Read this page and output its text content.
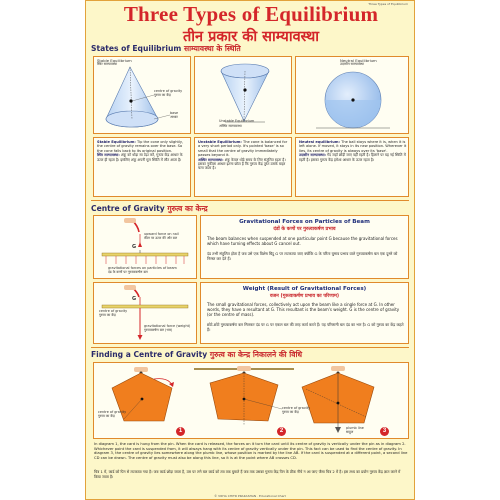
Three Types of Equilibrium
Three Types of Equilibrium
तीन प्रकार की साम्यावस्था
States of Equilibrium साम्यावस्था के स्थिति
Stable Equilibrium
स्थिर साम्यावस्था
centre of gravity
गुरुत्व का केंद्र
base
आधार
Unstable Equilibrium
अस्थिर साम्यावस्था
Neutral Equilibrium
उदासीन साम्यावस्था
Stable Equilibrium: Tip the cone only slightly, the centre of gravity remains over the base. So the cone falls back to its original position.
स्थिर साम्यावस्था: शंकु को थोड़ा सा टेढ़ा करें, गुरुत्व केंद्र आधार के ऊपर ही रहता है। इसलिए शंकु अपनी मूल स्थिति में लौट आता है।
Unstable Equilibrium: The cone is balanced for a very short period only. It's pointed 'base' is so small that the centre of gravity immediately passes beyond it.
अस्थिर साम्यावस्था: शंकु केवल थोड़े समय के लिए संतुलित रहता है। इसका नुकीला आधार इतना छोटा है कि गुरुत्व केंद्र तुरंत उसके बाहर चला जाता है।
Neutral equilibrium: The ball stays where it is, when it is left alone. If moved, it stays in its new position. Wherever it lies, its centre of gravity is always over its 'base'.
उदासीन साम्यावस्था: गेंद जहाँ छोड़ी जाए वहीं रहती है। हिलाने पर यह नई स्थिति में रहती है। इसका गुरुत्व केंद्र हमेशा आधार के ऊपर रहता है।
Centre of Gravity गुरुत्व का केन्द्र
upward force on nail
कील पर ऊपर की ओर बल
G
gravitational forces on particles of beam
दंड के कणों पर गुरुत्वाकर्षण बल
Gravitational Forces on Particles of Beam
दंडों के कणों पर गुरुत्वाकर्षण प्रभाव
The beam balances when suspended at one particular point G because the gravitational forces which have turning effects about G cancel out.
दंड तभी संतुलित होता है जब उसे एक विशेष बिंदु G पर लटकाया जाए क्योंकि G के परितः घुमाव प्रभाव वाले गुरुत्वाकर्षण बल एक दूसरे को निरस्त कर देते हैं।
centre of gravity
गुरुत्व का केंद्र
G
gravitational force (weight)
गुरुत्वाकर्षण बल (भार)
Weight (Result of Gravitational Forces)
वजन (गुरुत्वाकर्षण प्रभाव का परिणाम)
The small gravitational forces, collectively act upon the beam like a single force at G. In other words, they have a resultant at G. This resultant is the beam's weight. G is the centre of gravity (or the centre of mass).
छोटे-छोटे गुरुत्वाकर्षण बल मिलकर दंड पर G पर एकल बल की तरह कार्य करते हैं। यह परिणामी बल दंड का भार है। G को गुरुत्व का केंद्र कहते हैं।
Finding a Centre of Gravity गुरुत्व का केन्द्र निकालने की विधि
centre of gravity
गुरुत्व का केंद्र
centre of gravity
गुरुत्व का केंद्र
plumb line
साहुल
1	2	3
In diagram 1, the card is hung from the pin. When the card is released, the forces on it turn the card until its centre of gravity is vertically under the pin as in diagram 2. Whichever point the card is suspended from, it will always hang with its centre of gravity vertically under the pin. This fact can be used to find the centre of gravity. In diagram 3, the centre of gravity lies somewhere along the plumb line, whose position is marked by the line AB. If the card is suspended at a different point, a second line CD can be drawn. The centre of gravity must also be along this line, so it is at the point where AB crosses CD.
चित्र 1 में, कार्ड को पिन से लटकाया गया है। जब कार्ड छोड़ा जाता है, उस पर लगे बल कार्ड को तब तक घुमाते हैं जब तक उसका गुरुत्व केंद्र पिन के ठीक नीचे न आ जाए जैसा चित्र 2 में है। इस तथ्य का प्रयोग गुरुत्व केंद्र ज्ञात करने में किया जाता है।
© VIDYA CHITR PRAKASHAN · Educational Chart
